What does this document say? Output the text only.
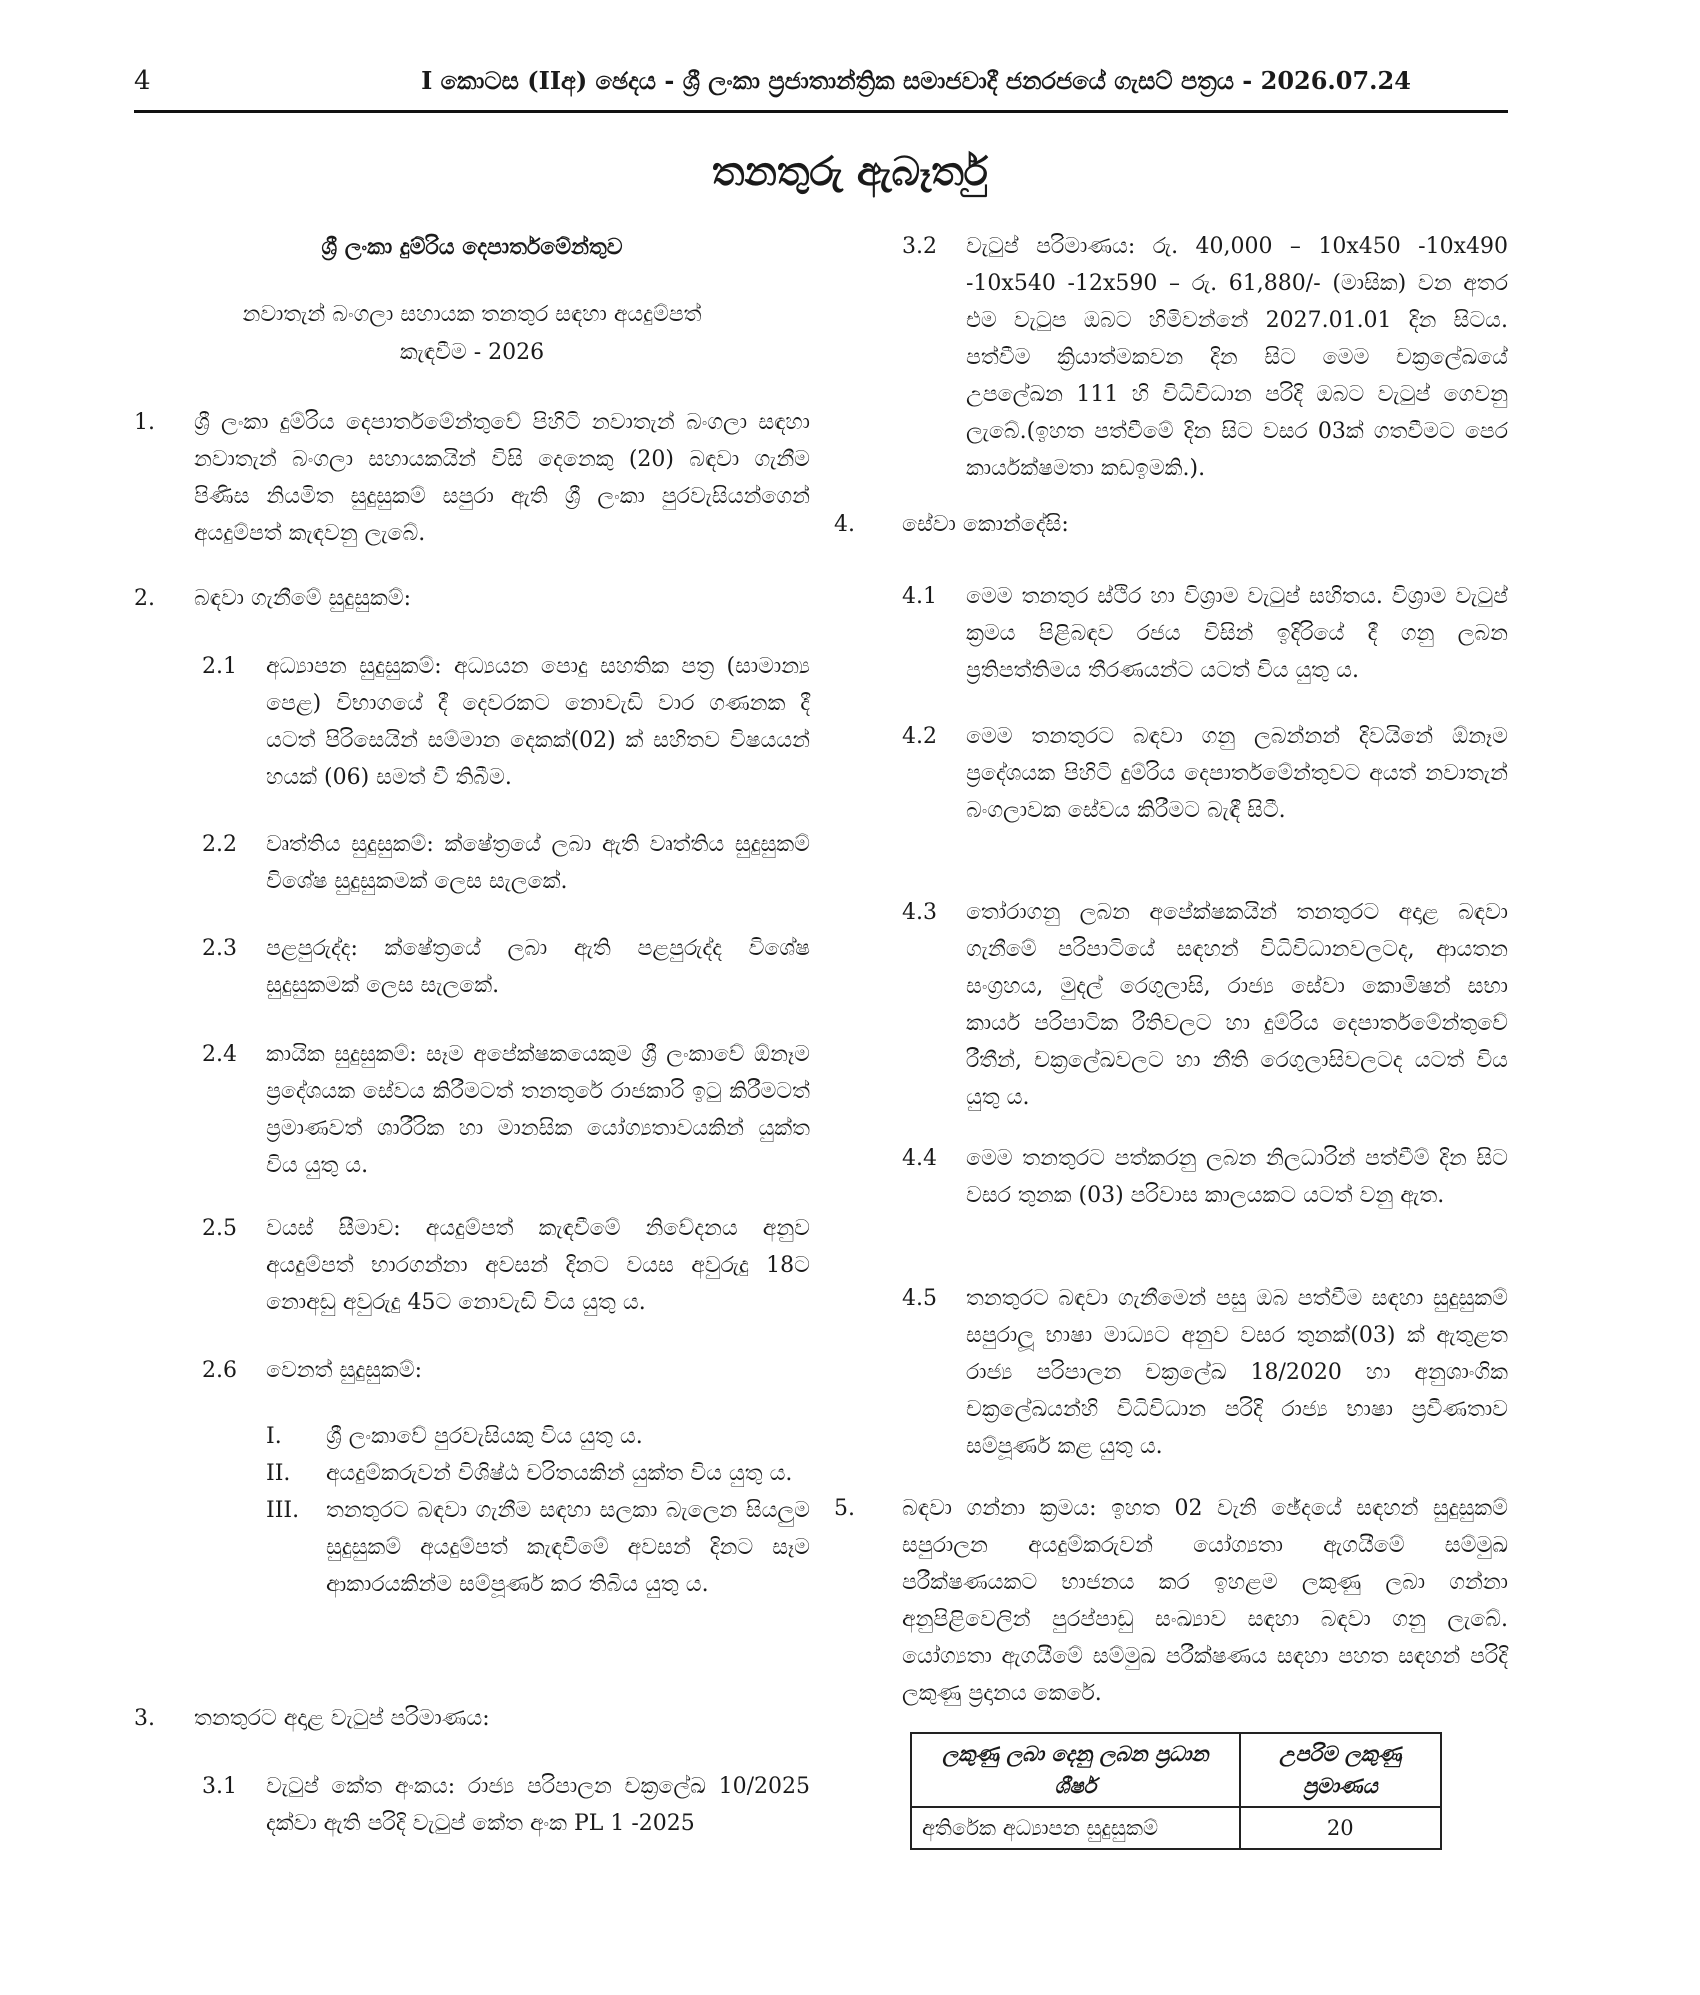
4	I කොටස (IIඅ) ඡෙදය - ශ්‍රී ලංකා ප්‍රජාතාන්ත්‍රික සමාජවාදී ජනරජයේ ගැසට් පත්‍රය - 2026.07.24
තනතුරු ඇබෑර්තු
ශ්‍රී ලංකා දුම්රිය දෙපාර්තමේන්තුව
නවාතැන් බංගලා සහායක තනතුර සඳහා අයදුම්පත්
කැඳවීම - 2026
1. ශ්‍රී ලංකා දුම්රිය දෙපාර්තමේන්තුවේ පිහිටි නවාතැන් බංගලා සඳහා නවාතැන් බංගලා සහායකයින් විසි දෙනෙකු (20) බඳවා ගැනීම පිණිස නියමිත සුදුසුකම් සපුරා ඇති ශ්‍රී ලංකා පුරවැසියන්ගෙන් අයදුම්පත් කැඳවනු ලැබේ.
2. බඳවා ගැනීමේ සුදුසුකම්:
2.1 අධ්‍යාපන සුදුසුකම්: අධ්‍යයන පොදු සහතික පත්‍ර (සාමාන්‍ය පෙළ) විභාගයේ දී දෙවරකට නොවැඩි වාර ගණනක දී යටත් පිරිසෙයින් සම්මාන දෙකක්(02) ක් සහිතව විෂයයන් හයක් (06) සමත් වී තිබීම.
2.2 වෘත්තිය සුදුසුකම්: ක්ෂේත්‍රයේ ලබා ඇති වෘත්තිය සුදුසුකම් විශේෂ සුදුසුකමක් ලෙස සැලකේ.
2.3 පළපුරුද්ද: ක්ෂේත්‍රයේ ලබා ඇති පළපුරුද්ද විශේෂ සුදුසුකමක් ලෙස සැලකේ.
2.4 කායික සුදුසුකම්: සෑම අපේක්ෂකයෙකුම ශ්‍රී ලංකාවේ ඕනෑම ප්‍රදේශයක සේවය කිරීමටත් තනතුරේ රාජකාරි ඉටු කිරීමටත් ප්‍රමාණවත් ශාරීරික හා මානසික යෝග්‍යතාවයකින් යුක්ත විය යුතු ය.
2.5 වයස් සීමාව: අයදුම්පත් කැඳවීමේ නිවේදනය අනුව අයදුම්පත් භාරගන්නා අවසන් දිනට වයස අවුරුදු 18ට නොඅඩු අවුරුදු 45ට නොවැඩි විය යුතු ය.
2.6 වෙනත් සුදුසුකම්:
I.	ශ්‍රී ලංකාවේ පුරවැසියකු විය යුතු ය.
II.	අයදුම්කරුවන් විශිෂ්ඨ චරිතයකින් යුක්ත විය යුතු ය.
III.	තනතුරට බඳවා ගැනීම සඳහා සලකා බැලෙන සියලුම සුදුසුකම් අයදුම්පත් කැඳවීමේ අවසන් දිනට සෑම ආකාරයකින්ම සම්පූර්ණ කර තිබිය යුතු ය.
3. තනතුරට අදාළ වැටුප් පරිමාණය:
3.1 වැටුප් කේත අංකය: රාජ්‍ය පරිපාලන චක්‍රලේඛ 10/2025 දක්වා ඇති පරිදි වැටුප් කේත අංක PL 1 -2025
3.2 වැටුප් පරිමාණය: රු. 40,000 – 10x450 -10x490 -10x540 -12x590 – රු. 61,880/- (මාසික) වන අතර එම වැටුප ඔබට හිමිවන්නේ 2027.01.01 දින සිටය. පත්වීම ක්‍රියාත්මකවන දින සිට මෙම චක්‍රලේඛයේ උපලේඛන 111 හි විධිවිධාන පරිදි ඔබට වැටුප් ගෙවනු ලැබේ.(ඉහත පත්වීමේ දින සිට වසර 03ක් ගතවීමට පෙර කාර්යක්ෂමතා කඩඉමකි.).
4. සේවා කොන්දේසි:
4.1 මෙම තනතුර ස්ථිර හා විශ්‍රාම වැටුප් සහිතය. විශ්‍රාම වැටුප් ක්‍රමය පිළිබඳව රජය විසින් ඉදිරියේ දී ගනු ලබන ප්‍රතිපත්තිමය තීරණයන්ට යටත් විය යුතු ය.
4.2 මෙම තනතුරට බඳවා ගනු ලබන්නන් දිවයිනේ ඕනෑම ප්‍රදේශයක පිහිටි දුම්රිය දෙපාර්තමේන්තුවට අයත් නවාතැන් බංගලාවක සේවය කිරීමට බැඳී සිටී.
4.3 තෝරාගනු ලබන අපේක්ෂකයින් තනතුරට අදාළ බඳවා ගැනීමේ පරිපාටියේ සඳහන් විධිවිධානවලටද, ආයතන සංග්‍රහය, මුදල් රෙගුලාසි, රාජ්‍ය සේවා කොමිෂන් සභා කාර්ය පරිපාටික රීතිවලට හා දුම්රිය දෙපාර්තමේන්තුවේ රීතීන්, චක්‍රලේඛවලට හා නීති රෙගුලාසිවලටද යටත් විය යුතු ය.
4.4 මෙම තනතුරට පත්කරනු ලබන නිලධාරින් පත්වීම් දින සිට වසර තුනක (03) පරිවාස කාලයකට යටත් වනු ඇත.
4.5 තනතුරට බඳවා ගැනීමෙන් පසු ඔබ පත්වීම සඳහා සුදුසුකම් සපුරාලූ භාෂා මාධ්‍යට අනුව වසර තුනක්(03) ක් ඇතුළත රාජ්‍ය පරිපාලන චක්‍රලේඛ 18/2020 හා අනුශාංගික චක්‍රලේඛයන්හි විධිවිධාන පරිදි රාජ්‍ය භාෂා ප්‍රවීණතාව සම්පූර්ණ කළ යුතු ය.
5. බඳවා ගන්නා ක්‍රමය: ඉහත 02 වැනි ඡේදයේ සඳහන් සුදුසුකම් සපුරාලන අයදුම්කරුවන් යෝග්‍යතා ඇගයීමේ සම්මුඛ පරීක්ෂණයකට භාජනය කර ඉහළම ලකුණු ලබා ගන්නා අනුපිළිවෙලින් පුරප්පාඩු සංඛ්‍යාව සඳහා බඳවා ගනු ලැබේ. යෝග්‍යතා ඇගයීමේ සම්මුඛ පරීක්ෂණය සඳහා පහත සඳහන් පරිදි ලකුණු ප්‍රදානය කෙරේ.
ලකුණු ලබා දෙනු ලබන ප්‍රධාන ශීර්ෂ	උපරිම ලකුණු ප්‍රමාණය
අතිරේක අධ්‍යාපන සුදුසුකම්	20
